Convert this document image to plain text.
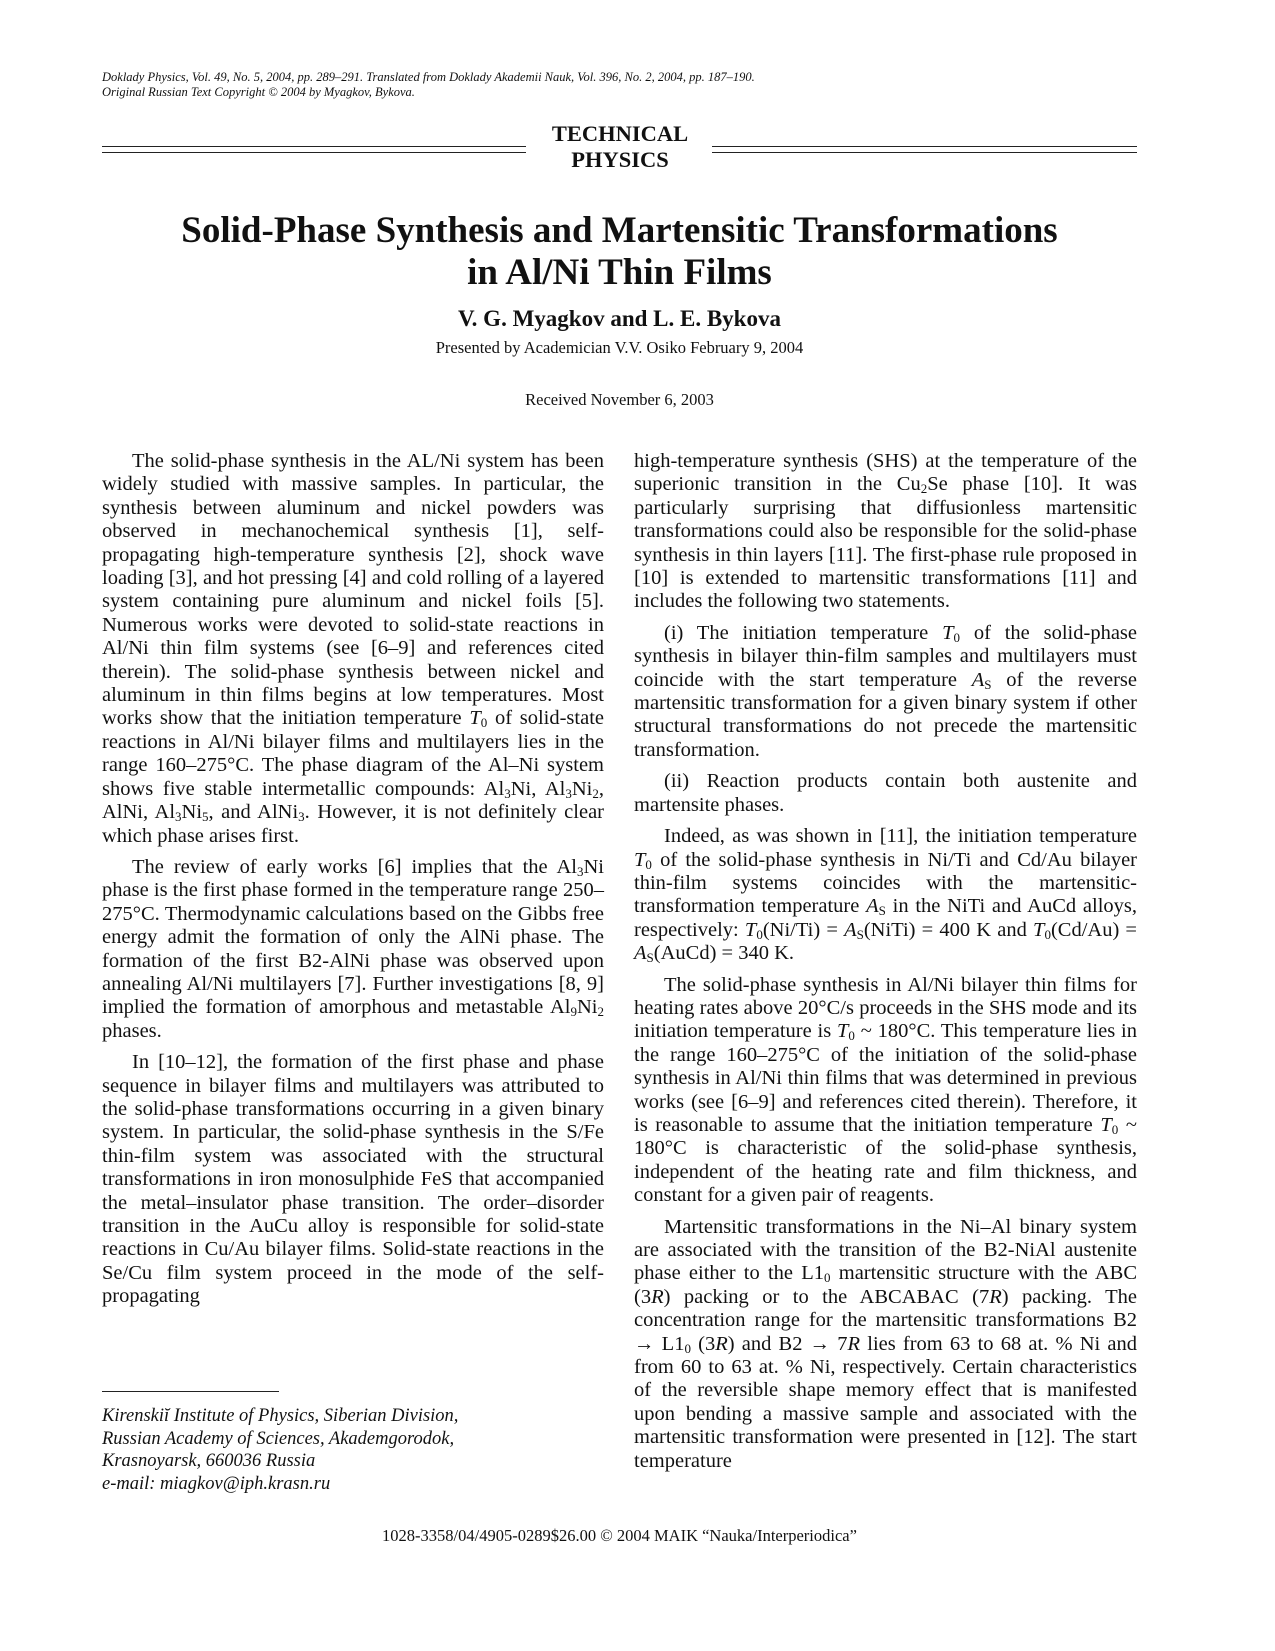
Doklady Physics, Vol. 49, No. 5, 2004, pp. 289–291. Translated from Doklady Akademii Nauk, Vol. 396, No. 2, 2004, pp. 187–190.
Original Russian Text Copyright © 2004 by Myagkov, Bykova.
TECHNICAL
PHYSICS
Solid-Phase Synthesis and Martensitic Transformations
in Al/Ni Thin Films
V. G. Myagkov and L. E. Bykova
Presented by Academician V.V. Osiko February 9, 2004
Received November 6, 2003

The solid-phase synthesis in the AL/Ni system has been widely studied with massive samples. In particular, the synthesis between aluminum and nickel powders was observed in mechanochemical synthesis [1], self-propagating high-temperature synthesis [2], shock wave loading [3], and hot pressing [4] and cold rolling of a layered system containing pure aluminum and nickel foils [5]. Numerous works were devoted to solid-state reactions in Al/Ni thin film systems (see [6–9] and references cited therein). The solid-phase synthesis between nickel and aluminum in thin films begins at low temperatures. Most works show that the initiation temperature $T_0$ of solid-state reactions in Al/Ni bilayer films and multilayers lies in the range 160–275°C. The phase diagram of the Al–Ni system shows five stable intermetallic compounds: $Al_3Ni$, $Al_3Ni_2$, AlNi, $Al_3Ni_5$, and AlNi$_3$. However, it is not definitely clear which phase arises first.

The review of early works [6] implies that the $Al_3Ni$ phase is the first phase formed in the temperature range 250–275°C. Thermodynamic calculations based on the Gibbs free energy admit the formation of only the AlNi phase. The formation of the first B2-AlNi phase was observed upon annealing Al/Ni multilayers [7]. Further investigations [8, 9] implied the formation of amorphous and metastable $Al_9Ni_2$ phases.

In [10–12], the formation of the first phase and phase sequence in bilayer films and multilayers was attributed to the solid-phase transformations occurring in a given binary system. In particular, the solid-phase synthesis in the S/Fe thin-film system was associated with the structural transformations in iron monosulphide FeS that accompanied the metal–insulator phase transition. The order–disorder transition in the AuCu alloy is responsible for solid-state reactions in Cu/Au bilayer films. Solid-state reactions in the Se/Cu film system proceed in the mode of the self-propagating

Kirenskiĭ Institute of Physics, Siberian Division,
Russian Academy of Sciences, Akademgorodok,
Krasnoyarsk, 660036 Russia
e-mail: miagkov@iph.krasn.ru

high-temperature synthesis (SHS) at the temperature of the superionic transition in the $Cu_2Se$ phase [10]. It was particularly surprising that diffusionless martensitic transformations could also be responsible for the solid-phase synthesis in thin layers [11]. The first-phase rule proposed in [10] is extended to martensitic transformations [11] and includes the following two statements.

(i) The initiation temperature $T_0$ of the solid-phase synthesis in bilayer thin-film samples and multilayers must coincide with the start temperature $A_S$ of the reverse martensitic transformation for a given binary system if other structural transformations do not precede the martensitic transformation.

(ii) Reaction products contain both austenite and martensite phases.

Indeed, as was shown in [11], the initiation temperature $T_0$ of the solid-phase synthesis in Ni/Ti and Cd/Au bilayer thin-film systems coincides with the martensitic-transformation temperature $A_S$ in the NiTi and AuCd alloys, respectively: $T_0(Ni/Ti)$ = $A_S(NiTi) = 400$ K and $T_0(Cd/Au)$ = $A_S(AuCd) = 340$ K.

The solid-phase synthesis in Al/Ni bilayer thin films for heating rates above 20°C/s proceeds in the SHS mode and its initiation temperature is $T_0$ ~ 180°C. This temperature lies in the range 160–275°C of the initiation of the solid-phase synthesis in Al/Ni thin films that was determined in previous works (see [6–9] and references cited therein). Therefore, it is reasonable to assume that the initiation temperature $T_0$ ~ 180°C is characteristic of the solid-phase synthesis, independent of the heating rate and film thickness, and constant for a given pair of reagents.

Martensitic transformations in the Ni–Al binary system are associated with the transition of the B2-NiAl austenite phase either to the $L1_0$ martensitic structure with the ABC (3R) packing or to the ABCABAC (7R) packing. The concentration range for the martensitic transformations $B2 \to L1_0$ (3R) and B2 → 7R lies from 63 to 68 at. % Ni and from 60 to 63 at. % Ni, respectively. Certain characteristics of the reversible shape memory effect that is manifested upon bending a massive sample and associated with the martensitic transformation were presented in [12]. The start temperature

1028-3358/04/4905-0289$26.00 © 2004 MAIK “Nauka/Interperiodica”
